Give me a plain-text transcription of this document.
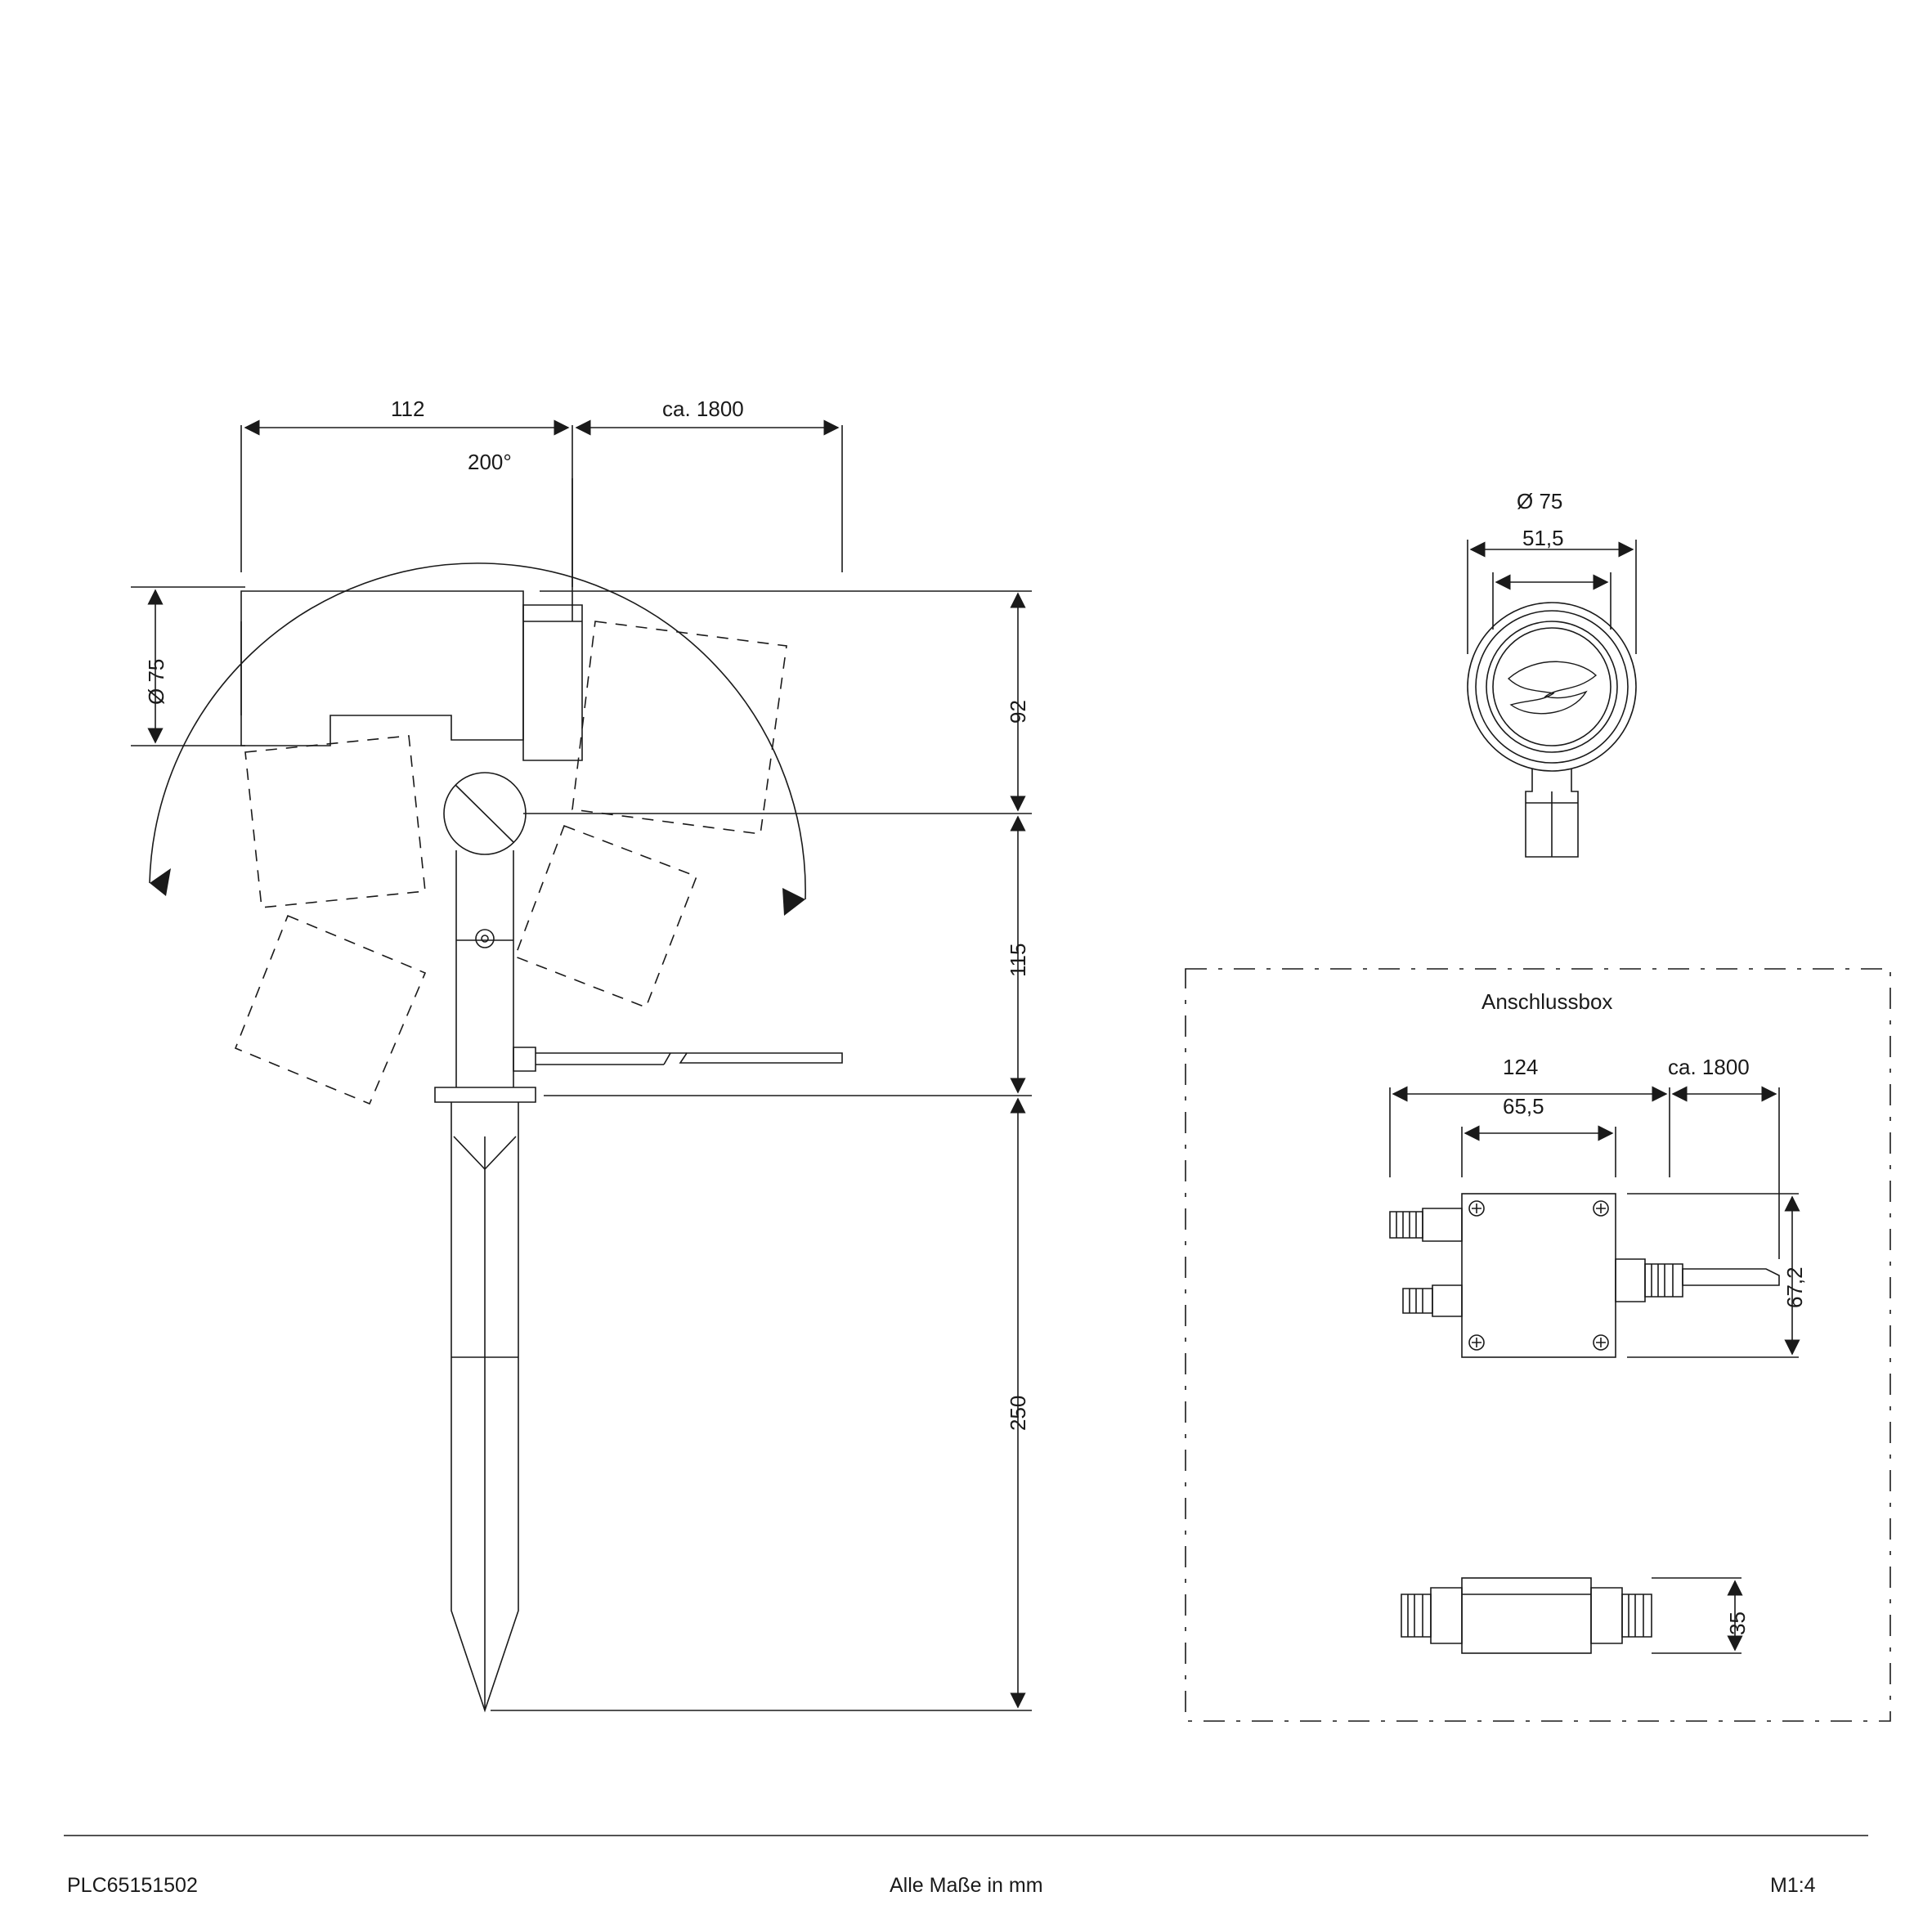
112	ca. 1800
200°
Ø 75
92
115
250
Ø 75
51,5
Anschlussbox
124	ca. 1800
65,5
67,2
35
PLC65151502	Alle Maße in mm	M1:4
